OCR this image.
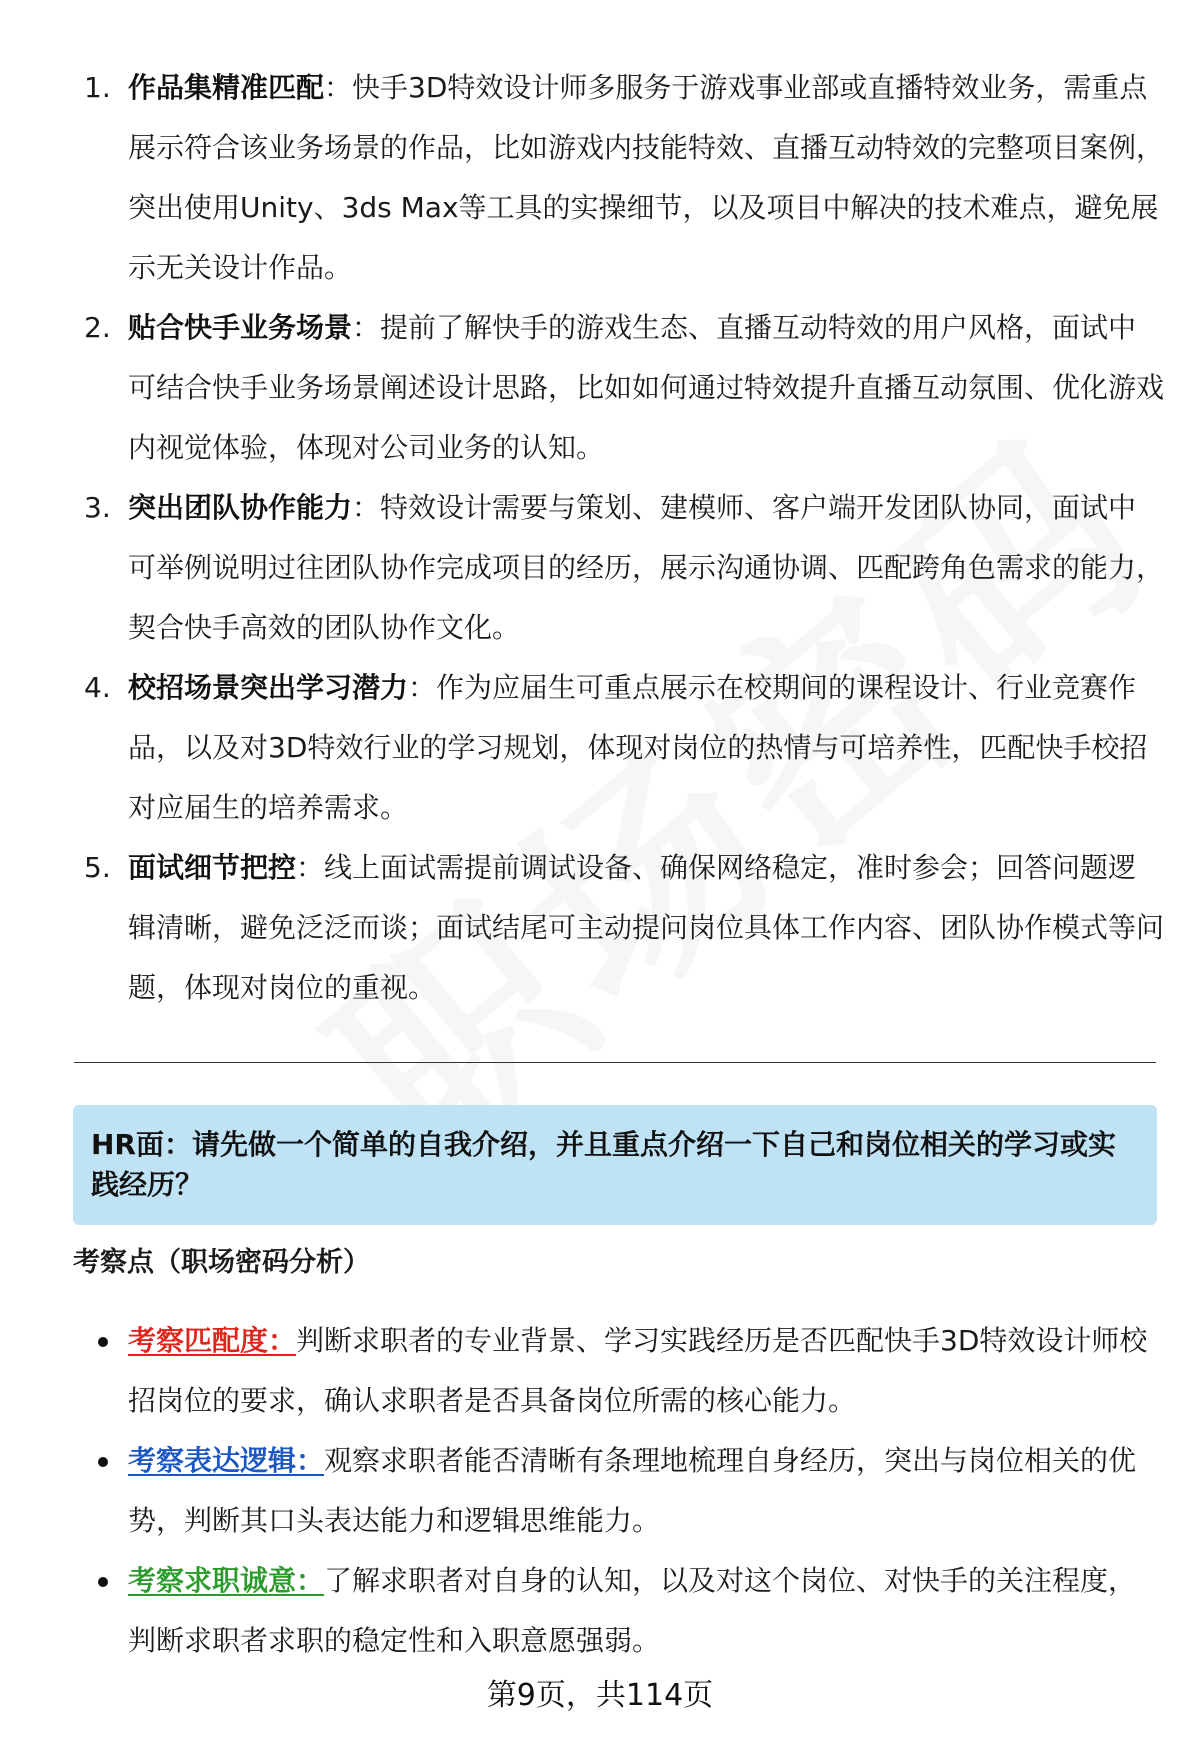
1. 作品集精准匹配：快手3D特效设计师多服务于游戏事业部或直播特效业务，需重点展示符合该业务场景的作品，比如游戏内技能特效、直播互动特效的完整项目案例，突出使用Unity、3ds Max等工具的实操细节，以及项目中解决的技术难点，避免展示无关设计作品。
2. 贴合快手业务场景：提前了解快手的游戏生态、直播互动特效的用户风格，面试中可结合快手业务场景阐述设计思路，比如如何通过特效提升直播互动氛围、优化游戏内视觉体验，体现对公司业务的认知。
3. 突出团队协作能力：特效设计需要与策划、建模师、客户端开发团队协同，面试中可举例说明过往团队协作完成项目的经历，展示沟通协调、匹配跨角色需求的能力，契合快手高效的团队协作文化。
4. 校招场景突出学习潜力：作为应届生可重点展示在校期间的课程设计、行业竞赛作品，以及对3D特效行业的学习规划，体现对岗位的热情与可培养性，匹配快手校招对应届生的培养需求。
5. 面试细节把控：线上面试需提前调试设备、确保网络稳定，准时参会；回答问题逻辑清晰，避免泛泛而谈；面试结尾可主动提问岗位具体工作内容、团队协作模式等问题，体现对岗位的重视。
HR面：请先做一个简单的自我介绍，并且重点介绍一下自己和岗位相关的学习或实践经历？
考察点（职场密码分析）
考察匹配度：判断求职者的专业背景、学习实践经历是否匹配快手3D特效设计师校招岗位的要求，确认求职者是否具备岗位所需的核心能力。
考察表达逻辑：观察求职者能否清晰有条理地梳理自身经历，突出与岗位相关的优势，判断其口头表达能力和逻辑思维能力。
考察求职诚意：了解求职者对自身的认知，以及对这个岗位、对快手的关注程度，判断求职者求职的稳定性和入职意愿强弱。
第9页，共114页
